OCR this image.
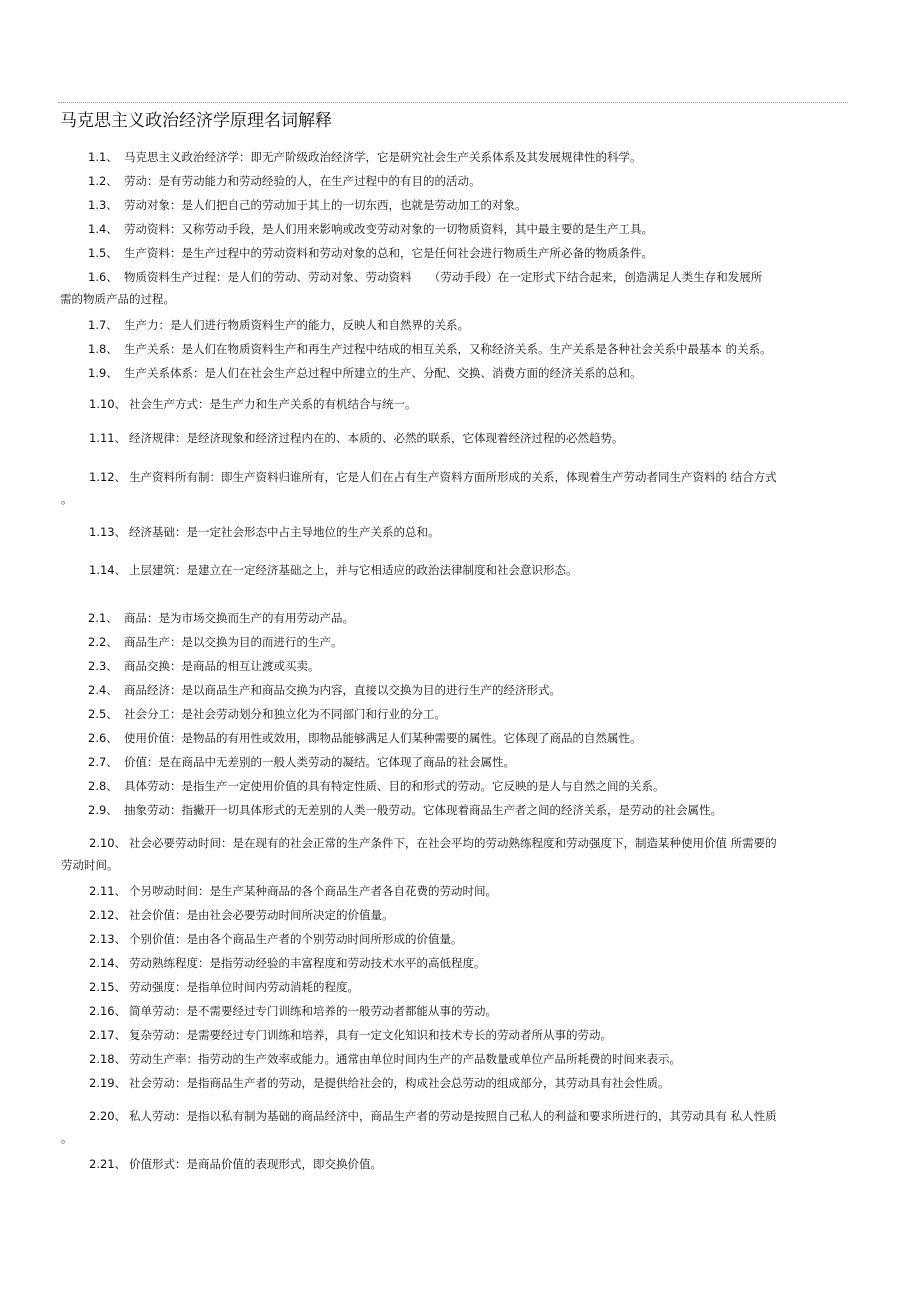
马克思主义政治经济学原理名词解释
1.1、 马克思主义政治经济学：即无产阶级政治经济学，它是研究社会生产关系体系及其发展规律性的科学。
1.2、 劳动：是有劳动能力和劳动经验的人，在生产过程中的有目的的活动。
1.3、 劳动对象：是人们把自己的劳动加于其上的一切东西，也就是劳动加工的对象。
1.4、 劳动资料：又称劳动手段，是人们用来影响或改变劳动对象的一切物质资料，其中最主要的是生产工具。
1.5、 生产资料：是生产过程中的劳动资料和劳动对象的总和，它是任何社会进行物质生产所必备的物质条件。
1.6、 物质资料生产过程：是人们的劳动、劳动对象、劳动资料　　（劳动手段）在一定形式下结合起来，创造满足人类生存和发展所
需的物质产品的过程。
1.7、 生产力：是人们进行物质资料生产的能力，反映人和自然界的关系。
1.8、 生产关系：是人们在物质资料生产和再生产过程中结成的相互关系，又称经济关系。生产关系是各种社会关系中最基本 的关系。
1.9、 生产关系体系：是人们在社会生产总过程中所建立的生产、分配、交换、消费方面的经济关系的总和。
1.10、 社会生产方式：是生产力和生产关系的有机结合与统一。
1.11、 经济规律：是经济现象和经济过程内在的、本质的、必然的联系，它体现着经济过程的必然趋势。
1.12、 生产资料所有制：即生产资料归谁所有，它是人们在占有生产资料方面所形成的关系，体现着生产劳动者同生产资料的 结合方式
。
1.13、 经济基础：是一定社会形态中占主导地位的生产关系的总和。
1.14、 上层建筑：是建立在一定经济基础之上，并与它相适应的政治法律制度和社会意识形态。
2.1、 商品：是为市场交换而生产的有用劳动产品。
2.2、 商品生产：是以交换为目的而进行的生产。
2.3、 商品交换：是商品的相互让渡或买卖。
2.4、 商品经济：是以商品生产和商品交换为内容，直接以交换为目的进行生产的经济形式。
2.5、 社会分工：是社会劳动划分和独立化为不同部门和行业的分工。
2.6、 使用价值：是物品的有用性或效用，即物品能够满足人们某种需要的属性。它体现了商品的自然属性。
2.7、 价值：是在商品中无差别的一般人类劳动的凝结。它体现了商品的社会属性。
2.8、 具体劳动：是指生产一定使用价值的具有特定性质、目的和形式的劳动。它反映的是人与自然之间的关系。
2.9、 抽象劳动：指撇开一切具体形式的无差别的人类一般劳动。它体现着商品生产者之间的经济关系，是劳动的社会属性。
2.10、 社会必要劳动时间：是在现有的社会正常的生产条件下，在社会平均的劳动熟练程度和劳动强度下，制造某种使用价值 所需要的
劳动时间。
2.11、 个另哕动时间：是生产某种商品的各个商品生产者各自花费的劳动时间。
2.12、 社会价值：是由社会必要劳动时间所决定的价值量。
2.13、 个别价值：是由各个商品生产者的个别劳动时间所形成的价值量。
2.14、 劳动熟练程度：是指劳动经验的丰富程度和劳动技术水平的高低程度。
2.15、 劳动强度：是指单位时间内劳动消耗的程度。
2.16、 简单劳动：是不需要经过专门训练和培养的一般劳动者都能从事的劳动。
2.17、 复杂劳动：是需要经过专门训练和培养，具有一定文化知识和技术专长的劳动者所从事的劳动。
2.18、 劳动生产率：指劳动的生产效率或能力。通常由单位时间内生产的产品数量或单位产品所耗费的时间来表示。
2.19、 社会劳动：是指商品生产者的劳动，是提供给社会的，构成社会总劳动的组成部分，其劳动具有社会性质。
2.20、 私人劳动：是指以私有制为基础的商品经济中，商品生产者的劳动是按照自己私人的利益和要求所进行的，其劳动具有 私人性质
。
2.21、 价值形式：是商品价值的表现形式，即交换价值。
